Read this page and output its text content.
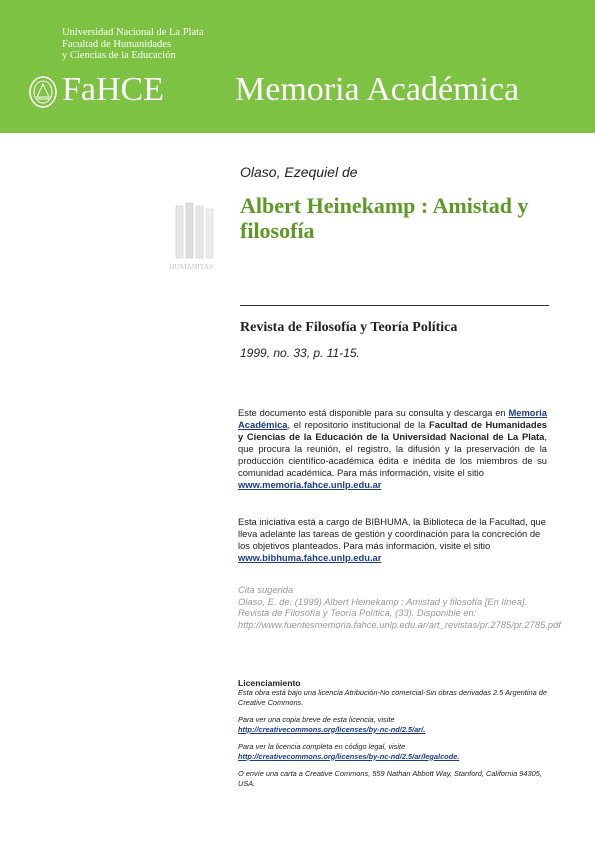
Universidad Nacional de La Plata
Facultad de Humanidades
y Ciencias de la Educación
FaHCE Memoria Académica
Olaso, Ezequiel de
Albert Heinekamp : Amistad y filosofía
HUMANITAS
Revista de Filosofía y Teoría Política
1999, no. 33, p. 11-15.
Este documento está disponible para su consulta y descarga en Memoria Académica, el repositorio institucional de la Facultad de Humanidades y Ciencias de la Educación de la Universidad Nacional de La Plata, que procura la reunión, el registro, la difusión y la preservación de la producción científico-académica édita e inédita de los miembros de su comunidad académica. Para más información, visite el sitio
www.memoria.fahce.unlp.edu.ar
Esta iniciativa está a cargo de BIBHUMA, la Biblioteca de la Facultad, que lleva adelante las tareas de gestión y coordinación para la concreción de los objetivos planteados. Para más información, visite el sitio
www.bibhuma.fahce.unlp.edu.ar
Cita sugerida
Olaso, E. de. (1999) Albert Heinekamp : Amistad y filosofía [En línea]. Revista de Filosofía y Teoría Política, (33). Disponible en: http://www.fuentesmemoria.fahce.unlp.edu.ar/art_revistas/pr.2785/pr.2785.pdf
Licenciamiento
Esta obra está bajo una licencia Atribución-No comercial-Sin obras derivadas 2.5 Argentina de Creative Commons.
Para ver una copia breve de esta licencia, visite
http://creativecommons.org/licenses/by-nc-nd/2.5/ar/.
Para ver la licencia completa en código legal, visite
http://creativecommons.org/licenses/by-nc-nd/2.5/ar/legalcode.
O envíe una carta a Creative Commons, 559 Nathan Abbott Way, Stanford, California 94305, USA.
